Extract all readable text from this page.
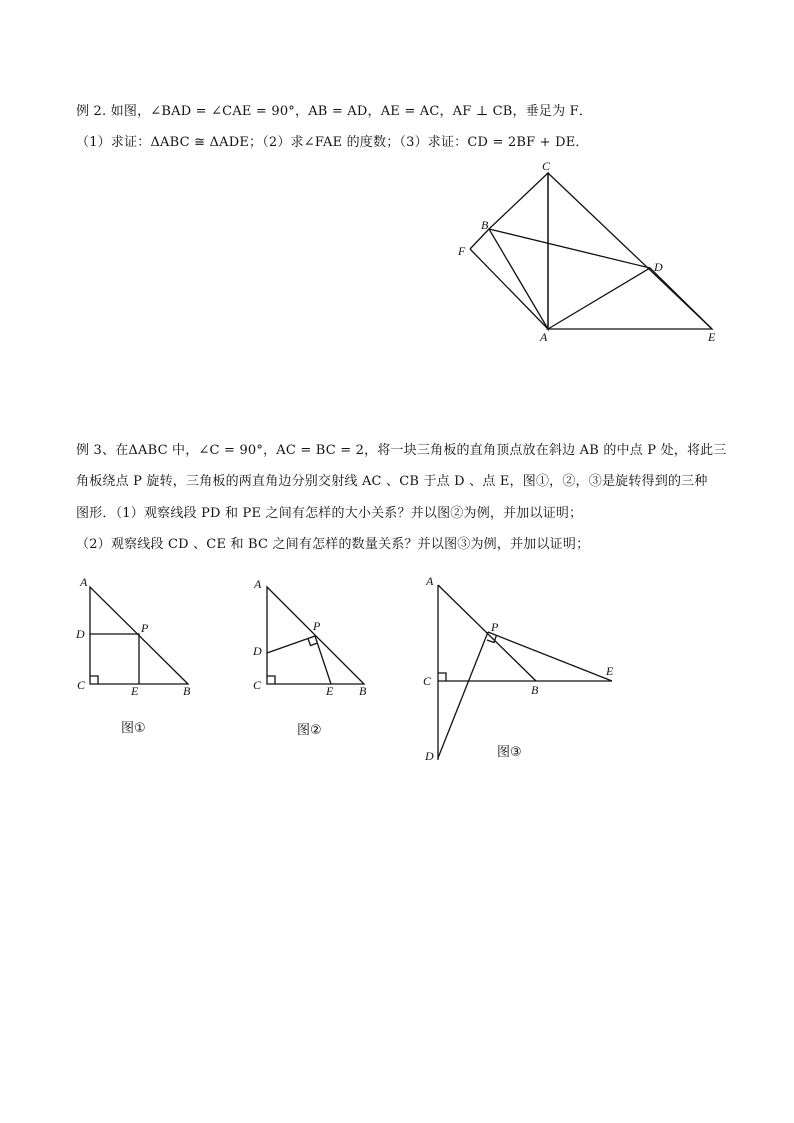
例 2. 如图，∠BAD = ∠CAE = 90°，AB = AD，AE = AC，AF ⊥ CB，垂足为 F．
（1）求证：ΔABC ≅ ΔADE；（2）求∠FAE 的度数；（3）求证：CD = 2BF + DE．
C
B
F
D
A	E
例 3、在ΔABC 中，∠C = 90°，AC = BC = 2，将一块三角板的直角顶点放在斜边 AB 的中点 P 处，将此三
角板绕点 P 旋转，三角板的两直角边分别交射线 AC 、CB 于点 D 、点 E，图①，②，③是旋转得到的三种
图形．（1）观察线段 PD 和 PE 之间有怎样的大小关系？并以图②为例，并加以证明；
（2）观察线段 CD 、CE 和 BC 之间有怎样的数量关系？并以图③为例，并加以证明；
A
D	P
C	E	B
图①
A
P
D
C	E B
图②
A
P
C
E
B
D	图③
